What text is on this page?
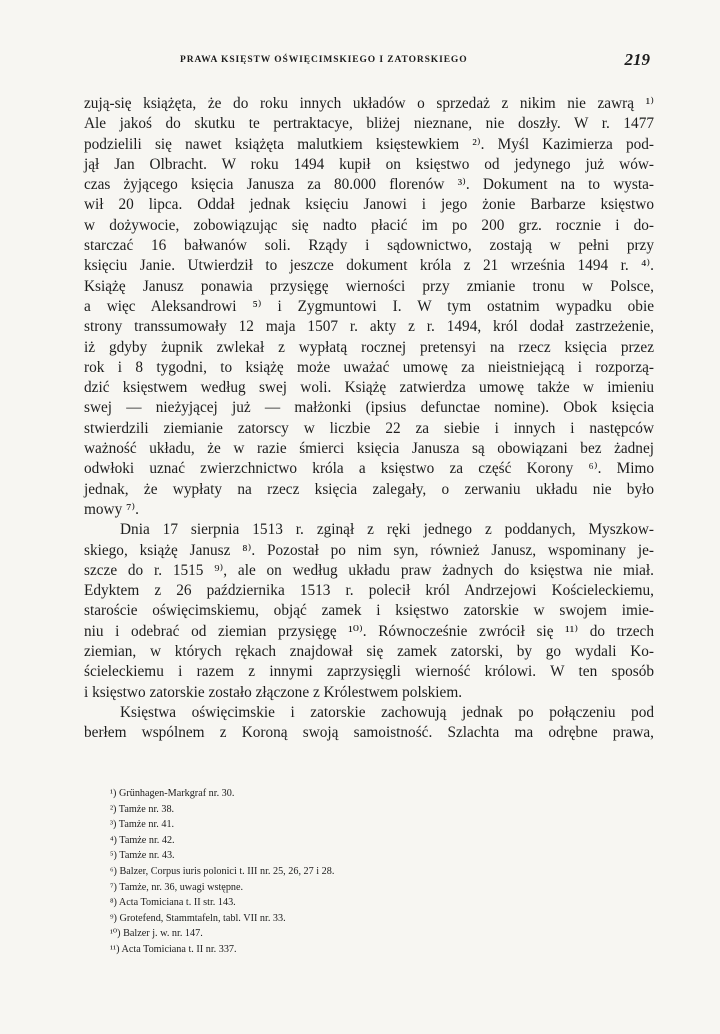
PRAWA KSIĘSTW OŚWIĘCIMSKIEGO I ZATORSKIEGO	219
zują-się książęta, że do roku innych układów o sprzedaż z nikim nie zawrą ¹⁾
Ale jakoś do skutku te pertraktacye, bliżej nieznane, nie doszły. W r. 1477
podzielili się nawet książęta malutkiem księstewkiem ²⁾. Myśl Kazimierza pod-
jął Jan Olbracht. W roku 1494 kupił on księstwo od jedynego już wów-
czas żyjącego księcia Janusza za 80.000 florenów ³⁾. Dokument na to wysta-
wił 20 lipca. Oddał jednak księciu Janowi i jego żonie Barbarze księstwo
w dożywocie, zobowiązując się nadto płacić im po 200 grz. rocznie i do-
starczać 16 bałwanów soli. Rządy i sądownictwo, zostają w pełni przy
księciu Janie. Utwierdził to jeszcze dokument króla z 21 września 1494 r. ⁴⁾.
Książę Janusz ponawia przysięgę wierności przy zmianie tronu w Polsce,
a więc Aleksandrowi ⁵⁾ i Zygmuntowi I. W tym ostatnim wypadku obie
strony transsumowały 12 maja 1507 r. akty z r. 1494, król dodał zastrzeżenie,
iż gdyby żupnik zwlekał z wypłatą rocznej pretensyi na rzecz księcia przez
rok i 8 tygodni, to książę może uważać umowę za nieistniejącą i rozporzą-
dzić księstwem według swej woli. Książę zatwierdza umowę także w imieniu
swej — nieżyjącej już — małżonki (ipsius defunctae nomine). Obok księcia
stwierdzili ziemianie zatorscy w liczbie 22 za siebie i innych i następców
ważność układu, że w razie śmierci księcia Janusza są obowiązani bez żadnej
odwłoki uznać zwierzchnictwo króla a księstwo za część Korony ⁶⁾. Mimo
jednak, że wypłaty na rzecz księcia zalegały, o zerwaniu układu nie było
mowy ⁷⁾.
Dnia 17 sierpnia 1513 r. zginął z ręki jednego z poddanych, Myszkow-
skiego, książę Janusz ⁸⁾. Pozostał po nim syn, również Janusz, wspominany je-
szcze do r. 1515 ⁹⁾, ale on według układu praw żadnych do księstwa nie miał.
Edyktem z 26 października 1513 r. polecił król Andrzejowi Kościeleckiemu,
staroście oświęcimskiemu, objąć zamek i księstwo zatorskie w swojem imie-
niu i odebrać od ziemian przysięgę ¹⁰⁾. Równocześnie zwrócił się ¹¹⁾ do trzech
ziemian, w których rękach znajdował się zamek zatorski, by go wydali Ko-
ścieleckiemu i razem z innymi zaprzysięgli wierność królowi. W ten sposób
i księstwo zatorskie zostało złączone z Królestwem polskiem.
Księstwa oświęcimskie i zatorskie zachowują jednak po połączeniu pod
berłem wspólnem z Koroną swoją samoistność. Szlachta ma odrębne prawa,
¹) Grünhagen-Markgraf nr. 30.
²) Tamże nr. 38.
³) Tamże nr. 41.
⁴) Tamże nr. 42.
⁵) Tamże nr. 43.
⁶) Balzer, Corpus iuris polonici t. III nr. 25, 26, 27 i 28.
⁷) Tamże, nr. 36, uwagi wstępne.
⁸) Acta Tomiciana t. II str. 143.
⁹) Grotefend, Stammtafeln, tabl. VII nr. 33.
¹⁰) Balzer j. w. nr. 147.
¹¹) Acta Tomiciana t. II nr. 337.
